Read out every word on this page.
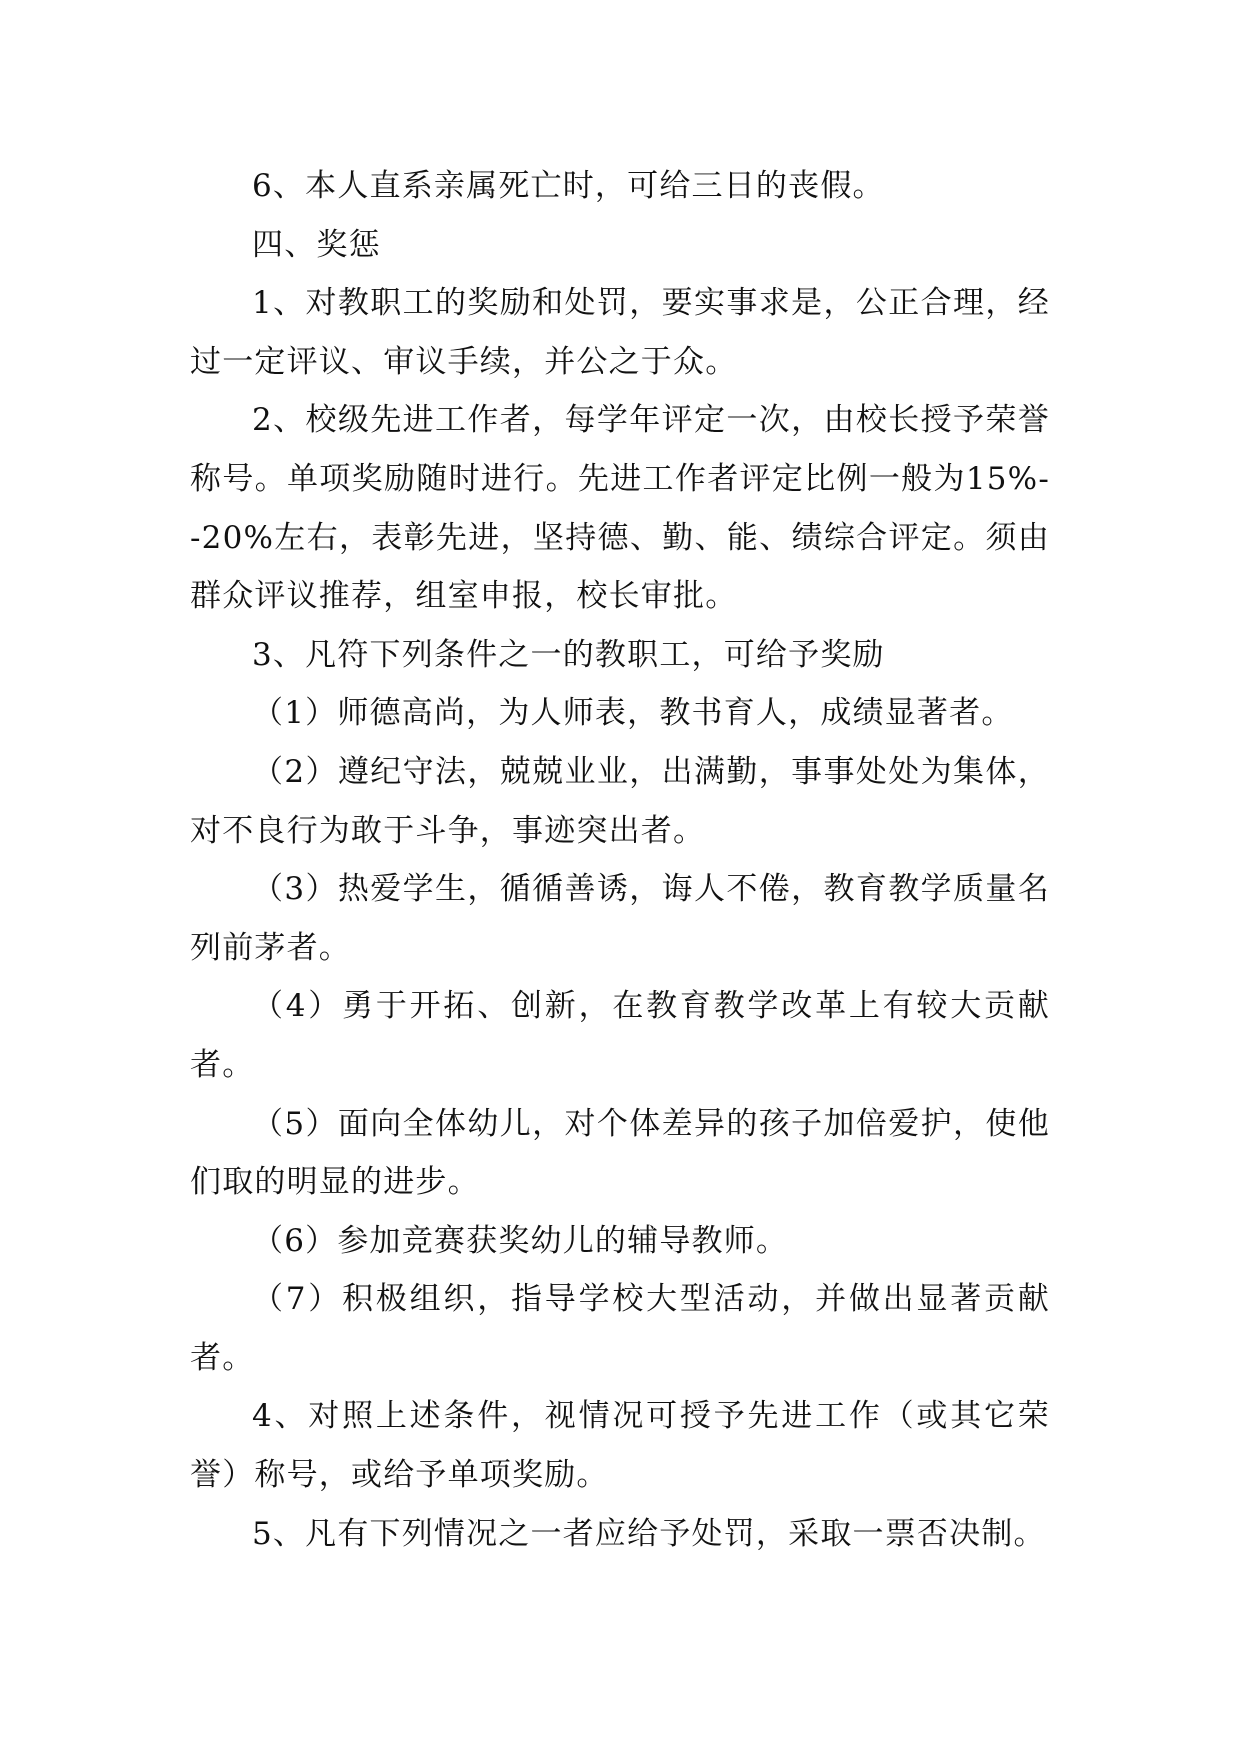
6、本人直系亲属死亡时，可给三日的丧假。

四、奖惩

1、对教职工的奖励和处罚，要实事求是，公正合理，经过一定评议、审议手续，并公之于众。

2、校级先进工作者，每学年评定一次，由校长授予荣誉称号。单项奖励随时进行。先进工作者评定比例一般为15%--20%左右，表彰先进，坚持德、勤、能、绩综合评定。须由群众评议推荐，组室申报，校长审批。

3、凡符下列条件之一的教职工，可给予奖励

（1）师德高尚，为人师表，教书育人，成绩显著者。

（2）遵纪守法，兢兢业业，出满勤，事事处处为集体，对不良行为敢于斗争，事迹突出者。

（3）热爱学生，循循善诱，诲人不倦，教育教学质量名列前茅者。

（4）勇于开拓、创新，在教育教学改革上有较大贡献者。

（5）面向全体幼儿，对个体差异的孩子加倍爱护，使他们取的明显的进步。

（6）参加竞赛获奖幼儿的辅导教师。

（7）积极组织，指导学校大型活动，并做出显著贡献者。

4、对照上述条件，视情况可授予先进工作（或其它荣誉）称号，或给予单项奖励。

5、凡有下列情况之一者应给予处罚，采取一票否决制。
